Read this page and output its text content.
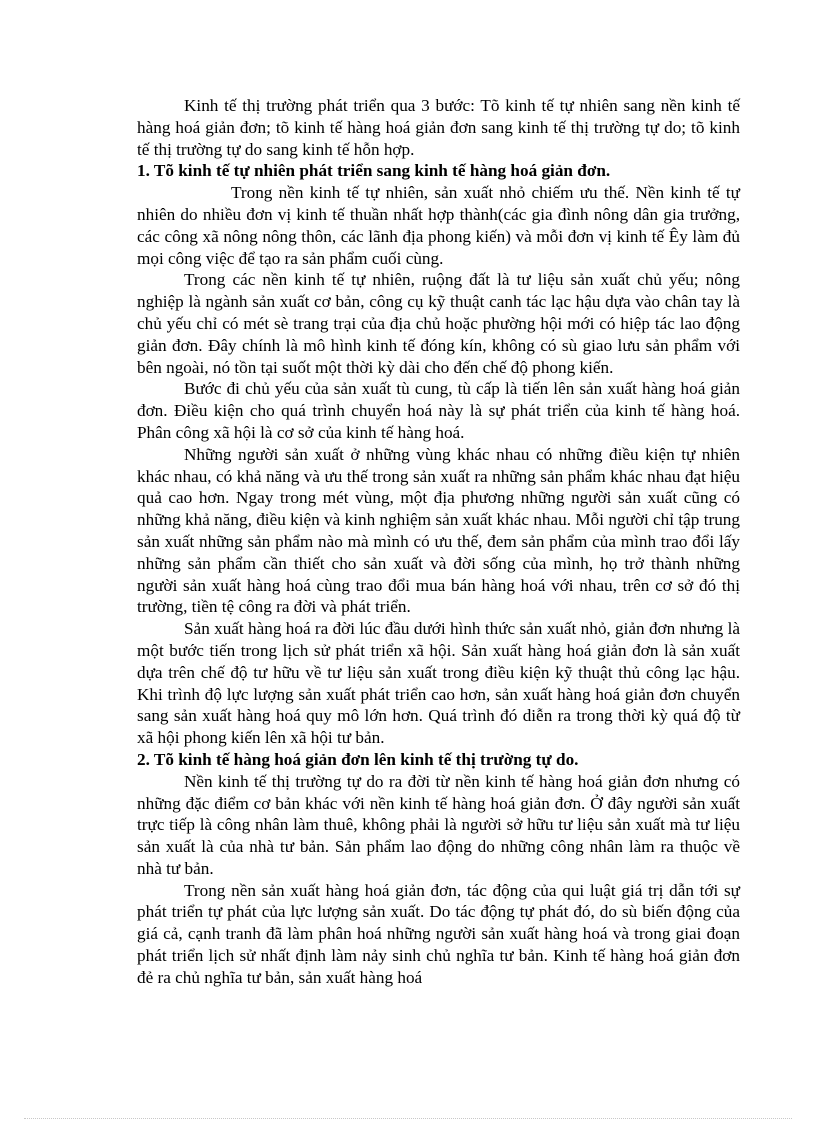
Kinh tế thị trường phát triển qua 3 bước: Tõ kinh tế tự nhiên sang nền kinh tế hàng hoá giản đơn; tõ kinh tế hàng hoá giản đơn sang kinh tế thị trường tự do; tõ kinh tế thị trường tự do sang kinh tế hỗn hợp.

1. Tõ kinh tế tự nhiên phát triển sang kinh tế hàng hoá giản đơn.

Trong nền kinh tế tự nhiên, sản xuất nhỏ chiếm ưu thế. Nền kinh tế tự nhiên do nhiều đơn vị kinh tế thuần nhất hợp thành(các gia đình nông dân gia trưởng, các công xã nông nông thôn, các lãnh địa phong kiến) và mỗi đơn vị kinh tế Êy làm đủ mọi công việc để tạo ra sản phẩm cuối cùng.

Trong các nền kinh tế tự nhiên, ruộng đất là tư liệu sản xuất chủ yếu; nông nghiệp là ngành sản xuất cơ bản, công cụ kỹ thuật canh tác lạc hậu dựa vào chân tay là chủ yếu chỉ có mét sè trang trại của địa chủ hoặc phường hội mới có hiệp tác lao động giản đơn. Đây chính là mô hình kinh tế đóng kín, không có sù giao lưu sản phẩm với bên ngoài, nó tồn tại suốt một thời kỳ dài cho đến chế độ phong kiến.

Bước đi chủ yếu của sản xuất tù cung, tù cấp là tiến lên sản xuất hàng hoá giản đơn. Điều kiện cho quá trình chuyển hoá này là sự phát triển của kinh tế hàng hoá. Phân công xã hội là cơ sở của kinh tế hàng hoá.

Những người sản xuất ở những vùng khác nhau có những điều kiện tự nhiên khác nhau, có khả năng và ưu thế trong sản xuất ra những sản phẩm khác nhau đạt hiệu quả cao hơn. Ngay trong mét vùng, một địa phương những người sản xuất cũng có những khả năng, điều kiện và kinh nghiệm sản xuất khác nhau. Mỗi người chỉ tập trung sản xuất những sản phẩm nào mà mình có ưu thế, đem sản phẩm của mình trao đổi lấy những sản phẩm cần thiết cho sản xuất và đời sống của mình, họ trở thành những người sản xuất hàng hoá cùng trao đổi mua bán hàng hoá với nhau, trên cơ sở đó thị trường, tiền tệ công ra đời và phát triển.

Sản xuất hàng hoá ra đời lúc đầu dưới hình thức sản xuất nhỏ, giản đơn nhưng là một bước tiến trong lịch sử phát triển xã hội. Sản xuất hàng hoá giản đơn là sản xuất dựa trên chế độ tư hữu về tư liệu sản xuất trong điều kiện kỹ thuật thủ công lạc hậu. Khi trình độ lực lượng sản xuất phát triển cao hơn, sản xuất hàng hoá giản đơn chuyển sang sản xuất hàng hoá quy mô lớn hơn. Quá trình đó diễn ra trong thời kỳ quá độ từ xã hội phong kiến lên xã hội tư bản.

2. Tõ kinh tế hàng hoá giản đơn lên kinh tế thị trường tự do.

Nền kinh tế thị trường tự do ra đời từ nền kinh tế hàng hoá giản đơn nhưng có những đặc điểm cơ bản khác với nền kinh tế hàng hoá giản đơn. Ở đây người sản xuất trực tiếp là công nhân làm thuê, không phải là người sở hữu tư liệu sản xuất mà tư liệu sản xuất là của nhà tư bản. Sản phẩm lao động do những công nhân làm ra thuộc về nhà tư bản.

Trong nền sản xuất hàng hoá giản đơn, tác động của qui luật giá trị dẫn tới sự phát triển tự phát của lực lượng sản xuất. Do tác động tự phát đó, do sù biến động của giá cả, cạnh tranh đã làm phân hoá những người sản xuất hàng hoá và trong giai đoạn phát triển lịch sử nhất định làm nảy sinh chủ nghĩa tư bản. Kinh tế hàng hoá giản đơn đẻ ra chủ nghĩa tư bản, sản xuất hàng hoá
